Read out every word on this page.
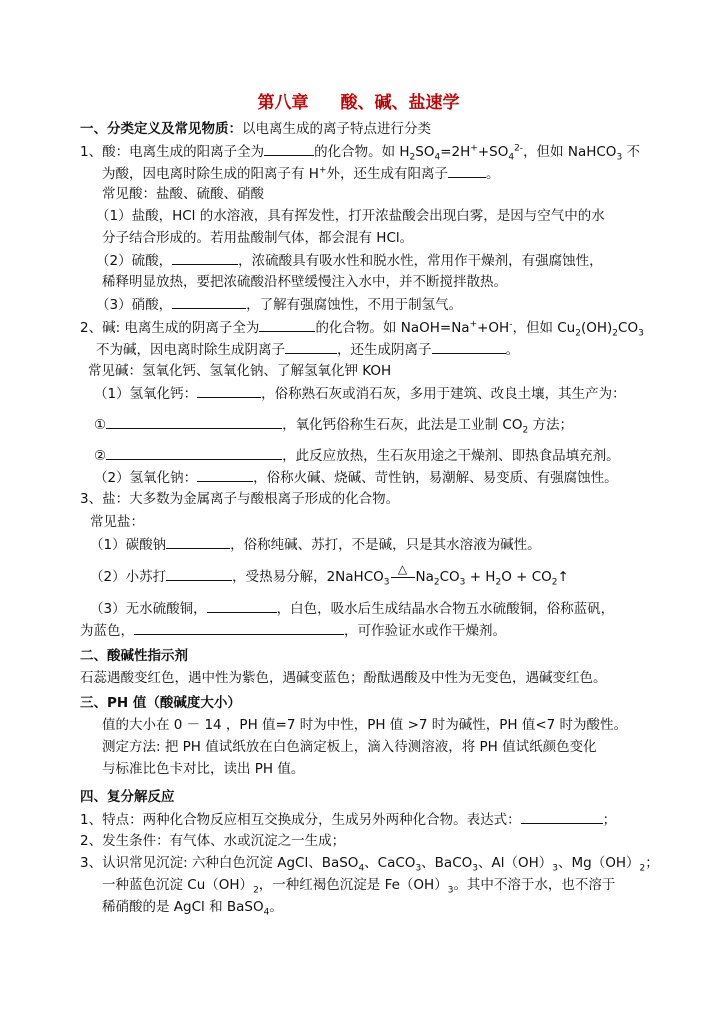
第八章 酸、碱、盐速学
一、分类定义及常见物质：以电离生成的离子特点进行分类
1、酸：电离生成的阳离子全为	的化合物。如 $H_2SO_4=2H^++SO_4^{2-}$，但如 NaHCO$_3$ 不
为酸，因电离时除生成的阳离子有 H+外，还生成有阳离子	。
常见酸：盐酸、硫酸、硝酸
（1）盐酸，HCl 的水溶液，具有挥发性，打开浓盐酸会出现白雾，是因与空气中的水
分子结合形成的。若用盐酸制气体，都会混有 HCl。
（2）硫酸，	，浓硫酸具有吸水性和脱水性，常用作干燥剂，有强腐蚀性，
稀释明显放热，要把浓硫酸沿杯壁缓慢注入水中，并不断搅拌散热。
（3）硝酸，	，了解有强腐蚀性，不用于制氢气。
2、碱: 电离生成的阴离子全为	的化合物。如 NaOH=Na++OH-，但如 $Cu_2(OH)_2CO_3$
不为碱，因电离时除生成阴离子	，还生成阴离子	。
常见碱：氢氧化钙、氢氧化钠、了解氢氧化钾 KOH
（1）氢氧化钙：	，俗称熟石灰或消石灰，多用于建筑、改良土壤，其生产为：
①	，氧化钙俗称生石灰，此法是工业制 $CO_2$ 方法；
②	，此反应放热，生石灰用途之干燥剂、即热食品填充剂。
（2）氢氧化钠：	，俗称火碱、烧碱、苛性钠，易潮解、易变质、有强腐蚀性。
3、盐：大多数为金属离子与酸根离子形成的化合物。
常见盐：
（1）碳酸钠	，俗称纯碱、苏打，不是碱，只是其水溶液为碱性。
（2）小苏打	，受热易分解，2NaHCO$_3$
△ $Na_2CO_3 + H_2O$ + $CO_2↑$
（3）无水硫酸铜，	，白色，吸水后生成结晶水合物五水硫酸铜，俗称蓝矾，
为蓝色，	，可作验证水或作干燥剂。
二、酸碱性指示剂
石蕊遇酸变红色，遇中性为紫色，遇碱变蓝色；酚酞遇酸及中性为无变色，遇碱变红色。
三、PH 值（酸碱度大小）
值的大小在 0 － 14 ，PH 值=7 时为中性，PH 值 >7 时为碱性，PH 值<7 时为酸性。
测定方法: 把 PH 值试纸放在白色滴定板上，滴入待测溶液，将 PH 值试纸颜色变化
与标准比色卡对比，读出 PH 值。
四、复分解反应
1、特点：两种化合物反应相互交换成分，生成另外两种化合物。表达式：	；
2、发生条件：有气体、水或沉淀之一生成；
3、认识常见沉淀: 六种白色沉淀 AgCl、BaSO$_4$、CaCO$_3$、BaCO$_3$、$Al(OH)_3$、$Mg(OH)_2$；
一种蓝色沉淀 $Cu(OH)_2$，一种红褐色沉淀是 $Fe(OH)_3$。其中不溶于水，也不溶于
稀硝酸的是 AgCl 和 BaSO$_4$。
